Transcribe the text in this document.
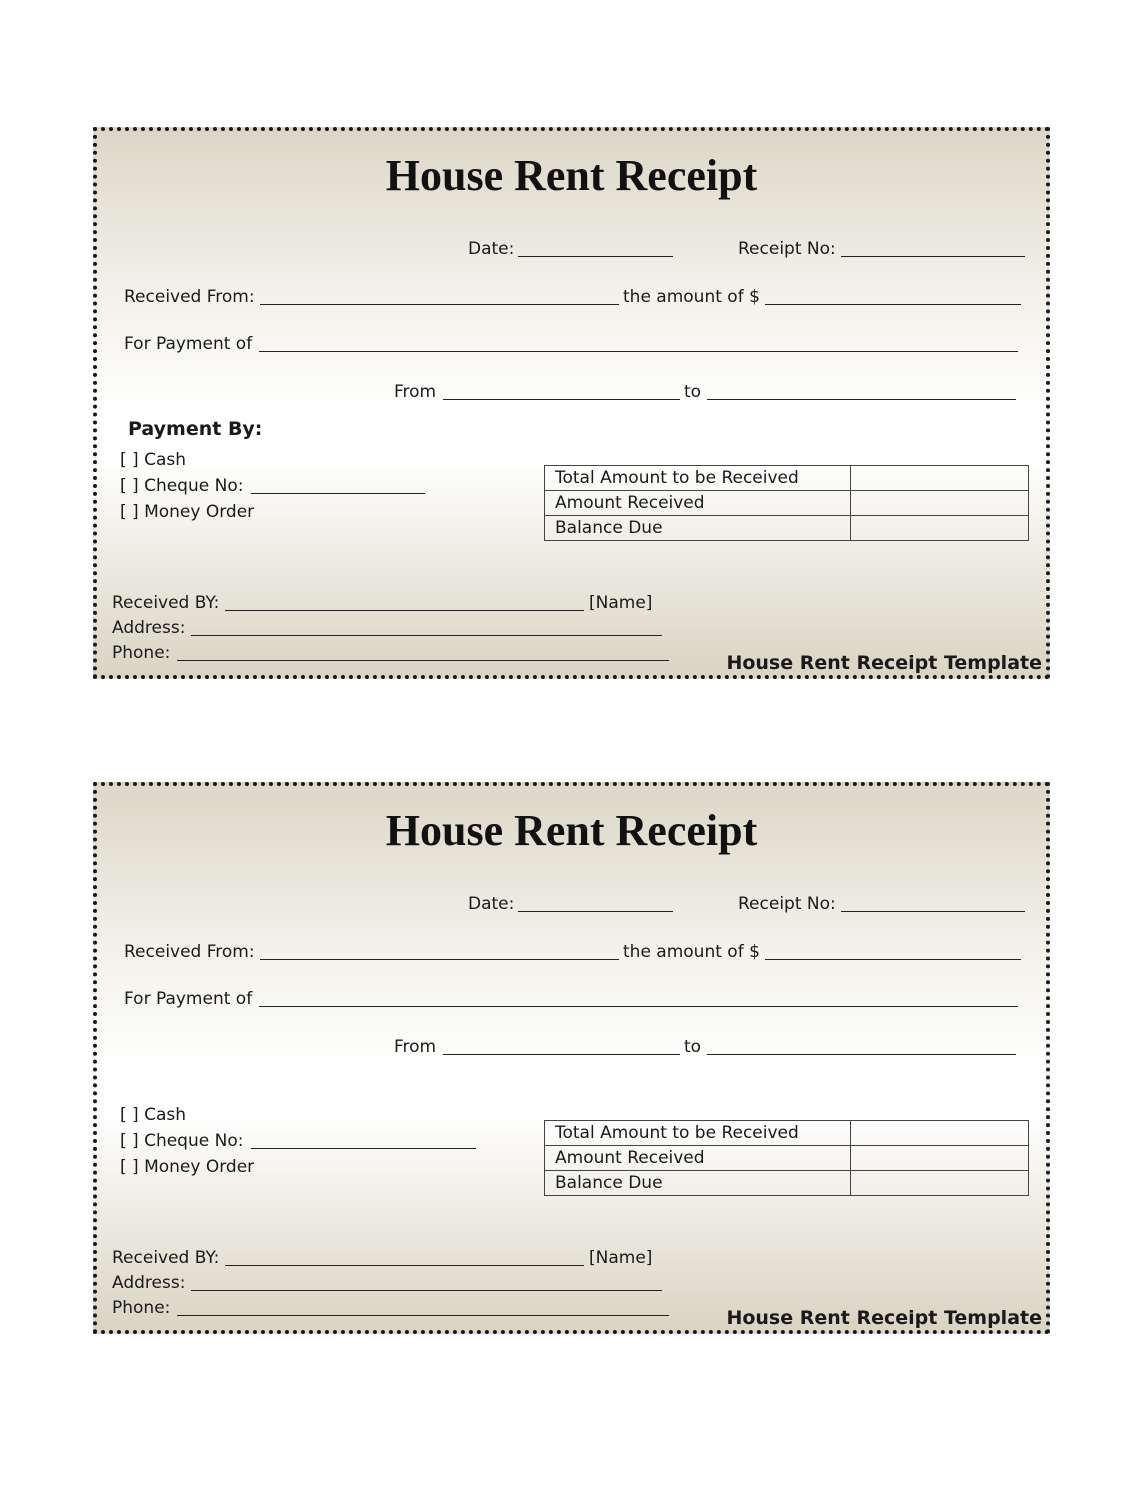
House Rent Receipt
Date:	Receipt No:
Received From:	the amount of $
For Payment of
From	to
Payment By:
[ ] Cash
[ ] Cheque No:
[ ] Money Order
Total Amount to be Received	
Amount Received	
Balance Due	
Received BY:	[Name]
Address:
Phone:	House Rent Receipt Template
House Rent Receipt
Date:	Receipt No:
Received From:	the amount of $
For Payment of
From	to
[ ] Cash
[ ] Cheque No:
[ ] Money Order
Total Amount to be Received	
Amount Received	
Balance Due	
Received BY:	[Name]
Address:
Phone:	House Rent Receipt Template
